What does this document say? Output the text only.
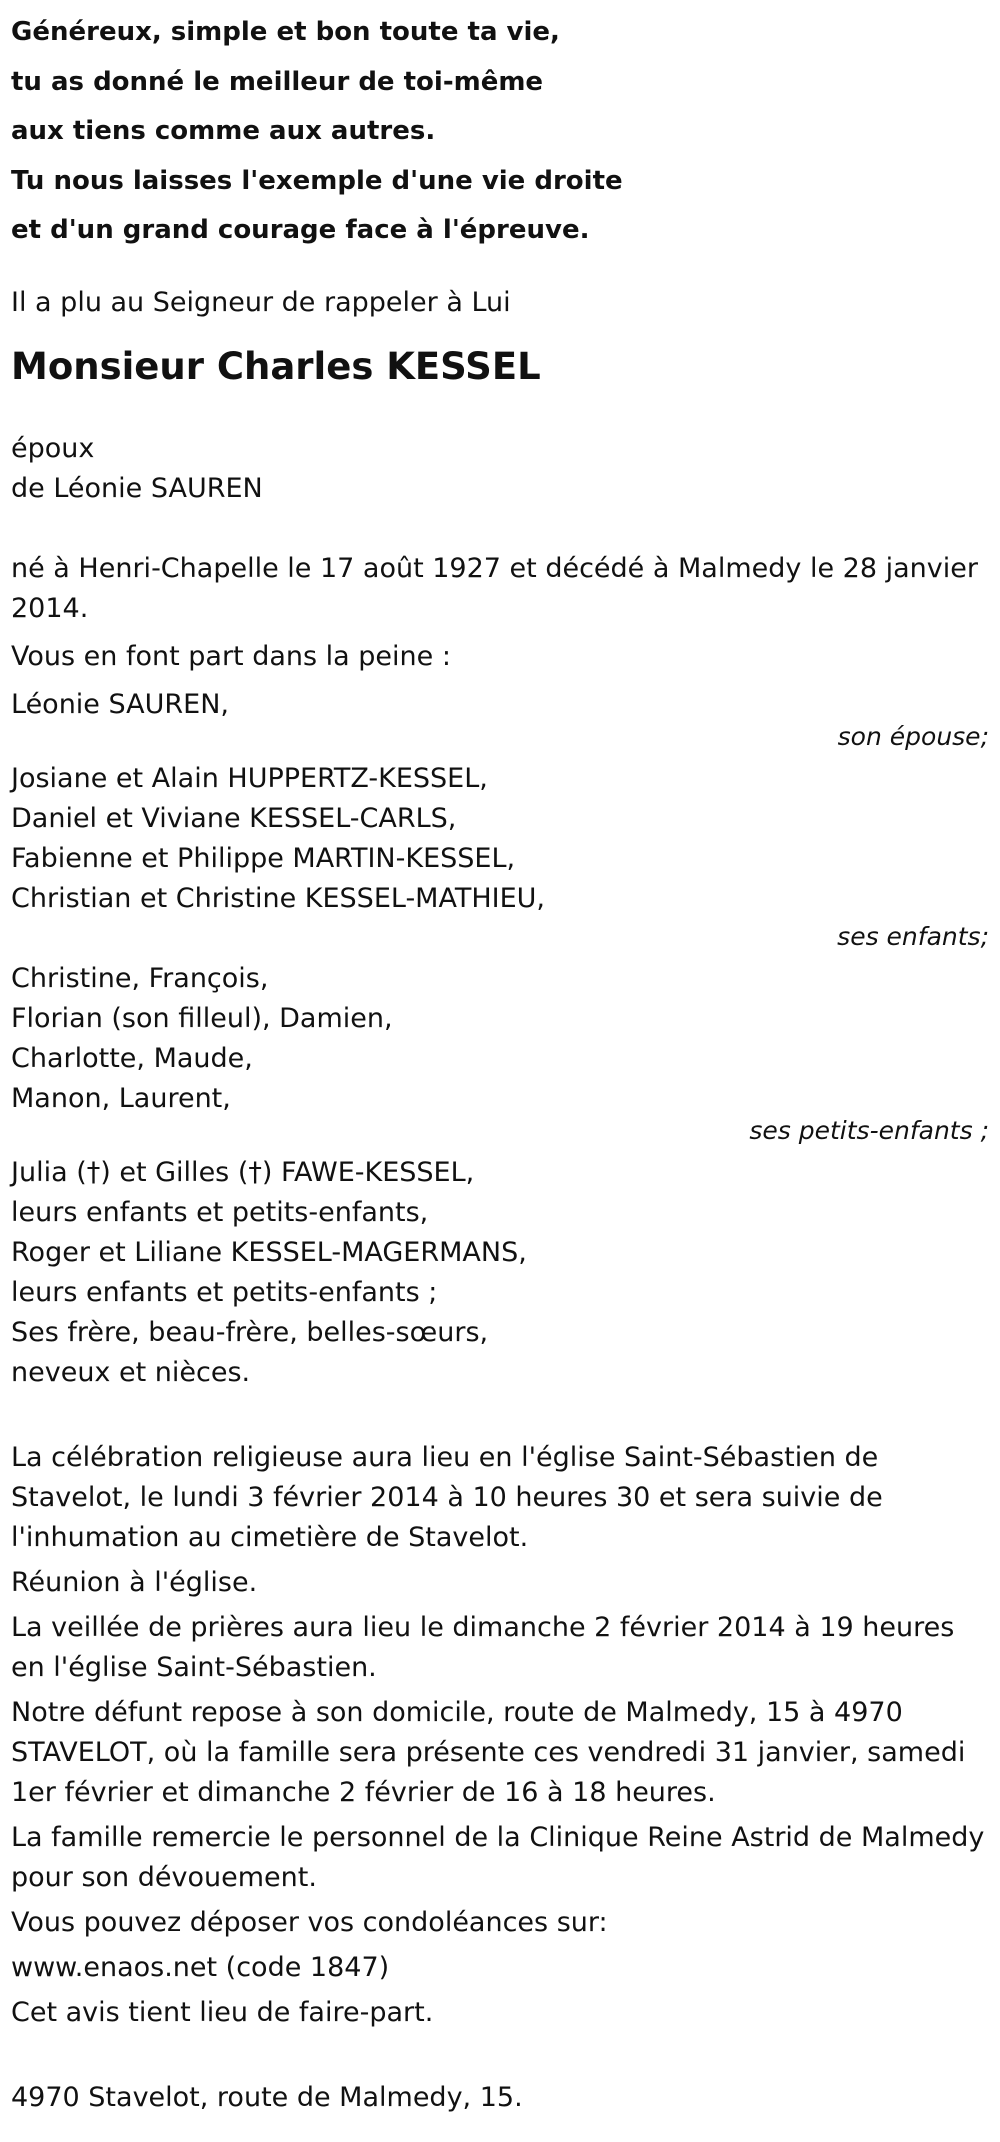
Généreux, simple et bon toute ta vie,
tu as donné le meilleur de toi-même
aux tiens comme aux autres.
Tu nous laisses l'exemple d'une vie droite
et d'un grand courage face à l'épreuve.
Il a plu au Seigneur de rappeler à Lui
Monsieur Charles KESSEL
époux
de Léonie SAUREN
né à Henri-Chapelle le 17 août 1927 et décédé à Malmedy le 28 janvier 2014.
Vous en font part dans la peine :
Léonie SAUREN,
son épouse;
Josiane et Alain HUPPERTZ-KESSEL,
Daniel et Viviane KESSEL-CARLS,
Fabienne et Philippe MARTIN-KESSEL,
Christian et Christine KESSEL-MATHIEU,
ses enfants;
Christine, François,
Florian (son filleul), Damien,
Charlotte, Maude,
Manon, Laurent,
ses petits-enfants ;
Julia (†) et Gilles (†) FAWE-KESSEL,
leurs enfants et petits-enfants,
Roger et Liliane KESSEL-MAGERMANS,
leurs enfants et petits-enfants ;
Ses frère, beau-frère, belles-sœurs,
neveux et nièces.
La célébration religieuse aura lieu en l'église Saint-Sébastien de Stavelot, le lundi 3 février 2014 à 10 heures 30 et sera suivie de l'inhumation au cimetière de Stavelot.
Réunion à l'église.
La veillée de prières aura lieu le dimanche 2 février 2014 à 19 heures en l'église Saint-Sébastien.
Notre défunt repose à son domicile, route de Malmedy, 15 à 4970 STAVELOT, où la famille sera présente ces vendredi 31 janvier, samedi 1er février et dimanche 2 février de 16 à 18 heures.
La famille remercie le personnel de la Clinique Reine Astrid de Malmedy pour son dévouement.
Vous pouvez déposer vos condoléances sur:
www.enaos.net (code 1847)
Cet avis tient lieu de faire-part.
4970 Stavelot, route de Malmedy, 15.
